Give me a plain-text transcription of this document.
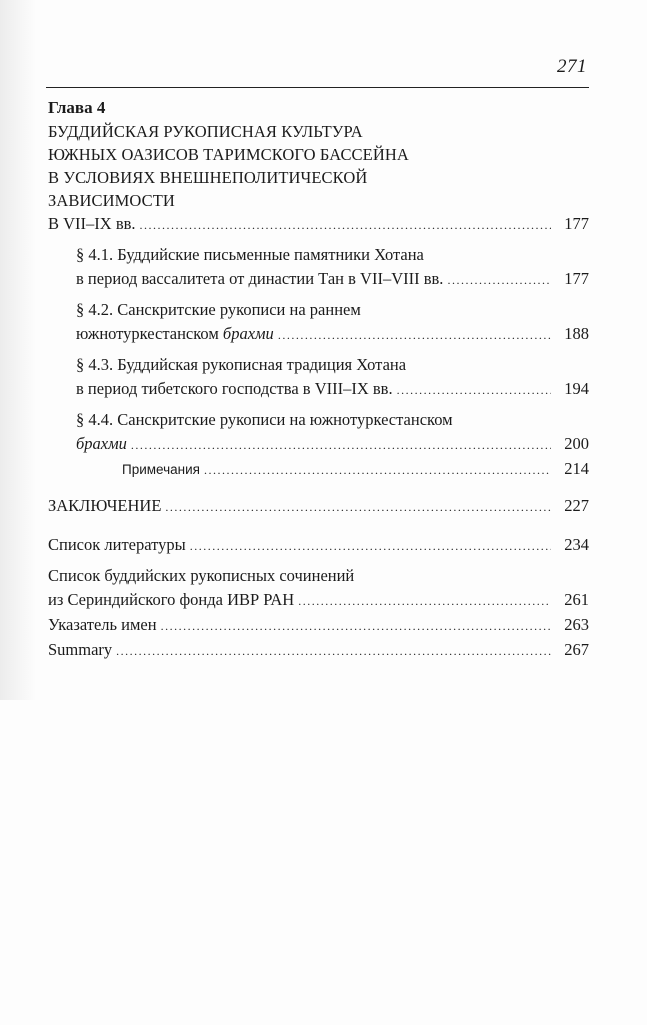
271
Глава 4
БУДДИЙСКАЯ РУКОПИСНАЯ КУЛЬТУРА
ЮЖНЫХ ОАЗИСОВ ТАРИМСКОГО БАССЕЙНА
В УСЛОВИЯХ ВНЕШНЕПОЛИТИЧЕСКОЙ
ЗАВИСИМОСТИ
В VII–IX вв. .....	177
§ 4.1. Буддийские письменные памятники Хотана
в период вассалитета от династии Тан в VII–VIII вв. .....	177
§ 4.2. Санскритские рукописи на раннем
южнотуркестанском брахми .....	188
§ 4.3. Буддийская рукописная традиция Хотана
в период тибетского господства в VIII–IX вв. .....	194
§ 4.4. Санскритские рукописи на южнотуркестанском
брахми .....	200
Примечания .....	214
ЗАКЛЮЧЕНИЕ .....	227
Список литературы .....	234
Список буддийских рукописных сочинений
из Сериндийского фонда ИВР РАН .....	261
Указатель имен .....	263
Summary .....	267
